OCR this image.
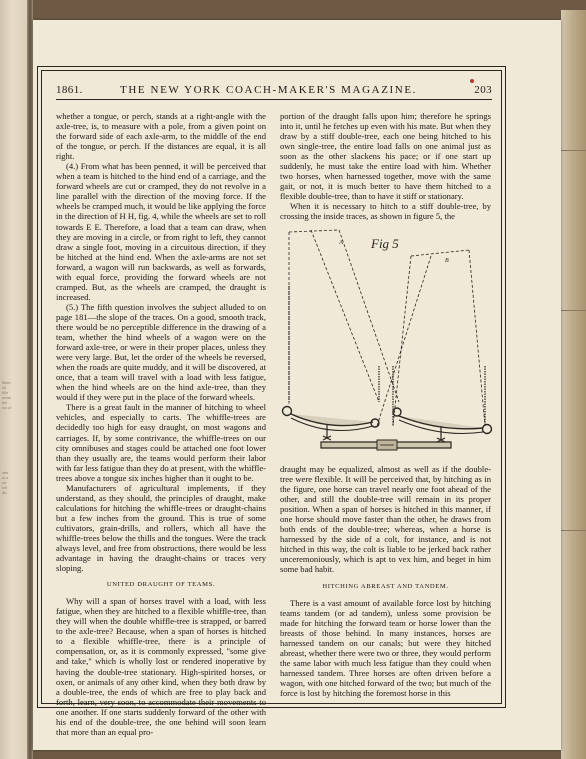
llinec
alt
lifts
mean
the
iou of
ates
ar a
on
ted
dic
1861.	THE NEW YORK COACH-MAKER'S MAGAZINE.	203

whether a tongue, or perch, stands at a right-angle with the axle-tree, is, to measure with a pole, from a given point on the forward side of each axle-arm, to the middle of the end of the tongue, or perch. If the distances are equal, it is all right.

(4.) From what has been penned, it will be perceived that when a team is hitched to the hind end of a carriage, and the forward wheels are cut or cramped, they do not revolve in a line parallel with the direction of the moving force. If the wheels be cramped much, it would be like applying the force in the direction of H H, fig. 4, while the wheels are set to roll towards E E. Therefore, a load that a team can draw, when they are moving in a circle, or from right to left, they cannot draw a single foot, moving in a circuitous direction, if they be hitched at the hind end. When the axle-arms are not set forward, a wagon will run backwards, as well as forwards, with equal force, providing the forward wheels are not cramped. But, as the wheels are cramped, the draught is increased.

(5.) The fifth question involves the subject alluded to on page 181—the slope of the traces. On a good, smooth track, there would be no perceptible difference in the drawing of a team, whether the hind wheels of a wagon were on the forward axle-tree, or were in their proper places, unless they were very large. But, let the order of the wheels be reversed, when the roads are quite muddy, and it will be discovered, at once, that a team will travel with a load with less fatigue, when the hind wheels are on the hind axle-tree, than they would if they were put in the place of the forward wheels.

There is a great fault in the manner of hitching to wheel vehicles, and especially to carts. The whiffle-trees are decidedly too high for easy draught, on most wagons and carriages. If, by some contrivance, the whiffle-trees on our city omnibuses and stages could be attached one foot lower than they usually are, the teams would perform their labor with far less fatigue than they do at present, with the whiffle-trees above a tongue six inches higher than it ought to be.

Manufacturers of agricultural implements, if they understand, as they should, the principles of draught, make calculations for hitching the whiffle-trees or draught-chains but a few inches from the ground. This is true of some cultivators, grain-drills, and rollers, which all have the whiffle-trees below the thills and the tongues. Were the track always level, and free from obstructions, there would be less advantage in having the draught-chains or traces very sloping.

UNITED DRAUGHT OF TEAMS.

Why will a span of horses travel with a load, with less fatigue, when they are hitched to a flexible whiffle-tree, than they will when the double whiffle-tree is strapped, or barred to the axle-tree? Because, when a span of horses is hitched to a flexible whiffle-tree, there is a principle of compensation, or, as it is commonly expressed, "some give and take," which is wholly lost or rendered inoperative by having the double-tree stationary. High-spirited horses, or oxen, or animals of any other kind, when they both draw by a double-tree, the ends of which are free to play back and forth, learn, very soon, to accommodate their movements to one another. If one starts suddenly forward of the other with his end of the double-tree, the one behind will soon learn that more than an equal pro-

portion of the draught falls upon him; therefore he springs into it, until he fetches up even with his mate. But when they draw by a stiff double-tree, each one being hitched to his own single-tree, the entire load falls on one animal just as soon as the other slackens his pace; or if one start up suddenly, he must take the entire load with him. Whether two horses, when harnessed together, move with the same gait, or not, it is much better to have them hitched to a flexible double-tree, than to have it stiff or stationary.

When it is necessary to hitch to a stiff double-tree, by crossing the inside traces, as shown in figure 5, the

A
B
Fig 5

draught may be equalized, almost as well as if the double-tree were flexible. It will be perceived that, by hitching as in the figure, one horse can travel nearly one foot ahead of the other, and still the double-tree will remain in its proper position. When a span of horses is hitched in this manner, if one horse should move faster than the other, he draws from both ends of the double-tree; whereas, when a horse is harnessed by the side of a colt, for instance, and is not hitched in this way, the colt is liable to be jerked back rather unceremoniously, which is apt to vex him, and beget in him some bad habit.

HITCHING ABREAST AND TANDEM.

There is a vast amount of available force lost by hitching teams tandem (or ad tandem), unless some provision be made for hitching the forward team or horse lower than the breasts of those behind. In many instances, horses are harnessed tandem on our canals; but were they hitched abreast, whether there were two or three, they would perform the same labor with much less fatigue than they could when harnessed tandem. Three horses are often driven before a wagon, with one hitched forward of the two; but much of the force is lost by hitching the foremost horse in this
